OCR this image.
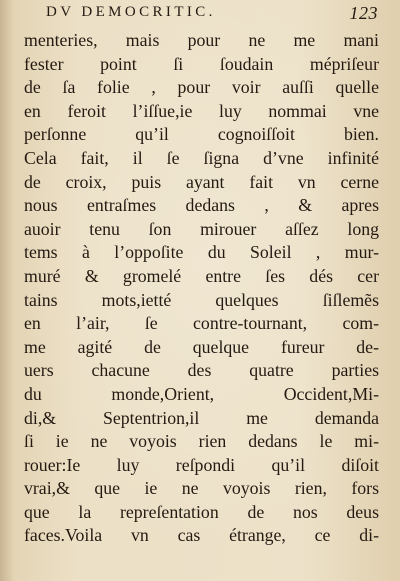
DV DEMOCRITIC.	123
menteries, mais pour ne me mani
fester point ſi ſoudain mépriſeur
de ſa folie , pour voir auſſi quelle
en feroit l’iſſue,ie luy nommai vne
perſonne qu’il cognoiſſoit bien.
Cela fait, il ſe ſigna d’vne infinité
de croix, puis ayant fait vn cerne
nous entraſmes dedans , & apres
auoir tenu ſon mirouer aſſez long
tems à l’oppoſite du Soleil , mur-
muré & gromelé entre ſes dés cer
tains mots,ietté quelques ſiſlemẽs
en l’air, ſe contre-tournant, com-
me agité de quelque fureur de-
uers chacune des quatre parties
du monde,Orient, Occident,Mi-
di,& Septentrion,il me demanda
ſi ie ne voyois rien dedans le mi-
rouer:Ie luy reſpondi qu’il diſoit
vrai,& que ie ne voyois rien, fors
que la repreſentation de nos deus
faces.Voila vn cas étrange, ce di-
